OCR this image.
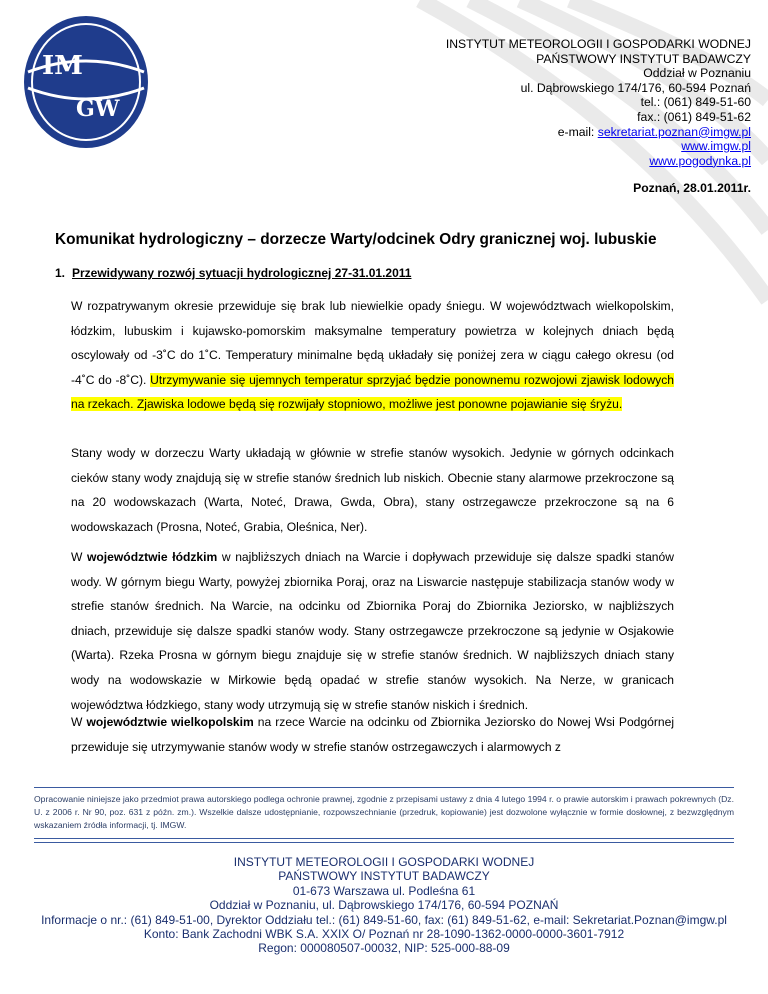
IM
GW
INSTYTUT METEOROLOGII I GOSPODARKI WODNEJ
PAŃSTWOWY INSTYTUT BADAWCZY
Oddział w Poznaniu
ul. Dąbrowskiego 174/176, 60-594 Poznań
tel.: (061) 849-51-60
fax.: (061) 849-51-62
e-mail: sekretariat.poznan@imgw.pl
www.imgw.pl
www.pogodynka.pl
Poznań, 28.01.2011r.
Komunikat hydrologiczny – dorzecze Warty/odcinek Odry granicznej woj. lubuskie
1. Przewidywany rozwój sytuacji hydrologicznej 27-31.01.2011
W rozpatrywanym okresie przewiduje się brak lub niewielkie opady śniegu. W województwach wielkopolskim, łódzkim, lubuskim i kujawsko-pomorskim maksymalne temperatury powietrza w kolejnych dniach będą oscylowały od -3˚C do 1˚C. Temperatury minimalne będą układały się poniżej zera w ciągu całego okresu (od -4˚C do -8˚C). Utrzymywanie się ujemnych temperatur sprzyjać będzie ponownemu rozwojowi zjawisk lodowych na rzekach. Zjawiska lodowe będą się rozwijały stopniowo, możliwe jest ponowne pojawianie się śryżu.
Stany wody w dorzeczu Warty układają w głównie w strefie stanów wysokich. Jedynie w górnych odcinkach cieków stany wody znajdują się w strefie stanów średnich lub niskich. Obecnie stany alarmowe przekroczone są na 20 wodowskazach (Warta, Noteć, Drawa, Gwda, Obra), stany ostrzegawcze przekroczone są na 6 wodowskazach (Prosna, Noteć, Grabia, Oleśnica, Ner).
W województwie łódzkim w najbliższych dniach na Warcie i dopływach przewiduje się dalsze spadki stanów wody. W górnym biegu Warty, powyżej zbiornika Poraj, oraz na Liswarcie następuje stabilizacja stanów wody w strefie stanów średnich. Na Warcie, na odcinku od Zbiornika Poraj do Zbiornika Jeziorsko, w najbliższych dniach, przewiduje się dalsze spadki stanów wody. Stany ostrzegawcze przekroczone są jedynie w Osjakowie (Warta). Rzeka Prosna w górnym biegu znajduje się w strefie stanów średnich. W najbliższych dniach stany wody na wodowskazie w Mirkowie będą opadać w strefie stanów wysokich. Na Nerze, w granicach województwa łódzkiego, stany wody utrzymują się w strefie stanów niskich i średnich.
W województwie wielkopolskim na rzece Warcie na odcinku od Zbiornika Jeziorsko do Nowej Wsi Podgórnej przewiduje się utrzymywanie stanów wody w strefie stanów ostrzegawczych i alarmowych z
Opracowanie niniejsze jako przedmiot prawa autorskiego podlega ochronie prawnej, zgodnie z przepisami ustawy z dnia 4 lutego 1994 r. o prawie autorskim i prawach pokrewnych (Dz. U. z 2006 r. Nr 90, poz. 631 z późn. zm.). Wszelkie dalsze udostępnianie, rozpowszechnianie (przedruk, kopiowanie) jest dozwolone wyłącznie w formie dosłownej, z bezwzględnym wskazaniem źródła informacji, tj. IMGW.
INSTYTUT METEOROLOGII I GOSPODARKI WODNEJ
PAŃSTWOWY INSTYTUT BADAWCZY
01-673 Warszawa ul. Podleśna 61
Oddział w Poznaniu, ul. Dąbrowskiego 174/176, 60-594 POZNAŃ
Informacje o nr.: (61) 849-51-00, Dyrektor Oddziału tel.: (61) 849-51-60, fax: (61) 849-51-62, e-mail: Sekretariat.Poznan@imgw.pl
Konto: Bank Zachodni WBK S.A. XXIX O/ Poznań nr 28-1090-1362-0000-0000-3601-7912
Regon: 000080507-00032, NIP: 525-000-88-09
